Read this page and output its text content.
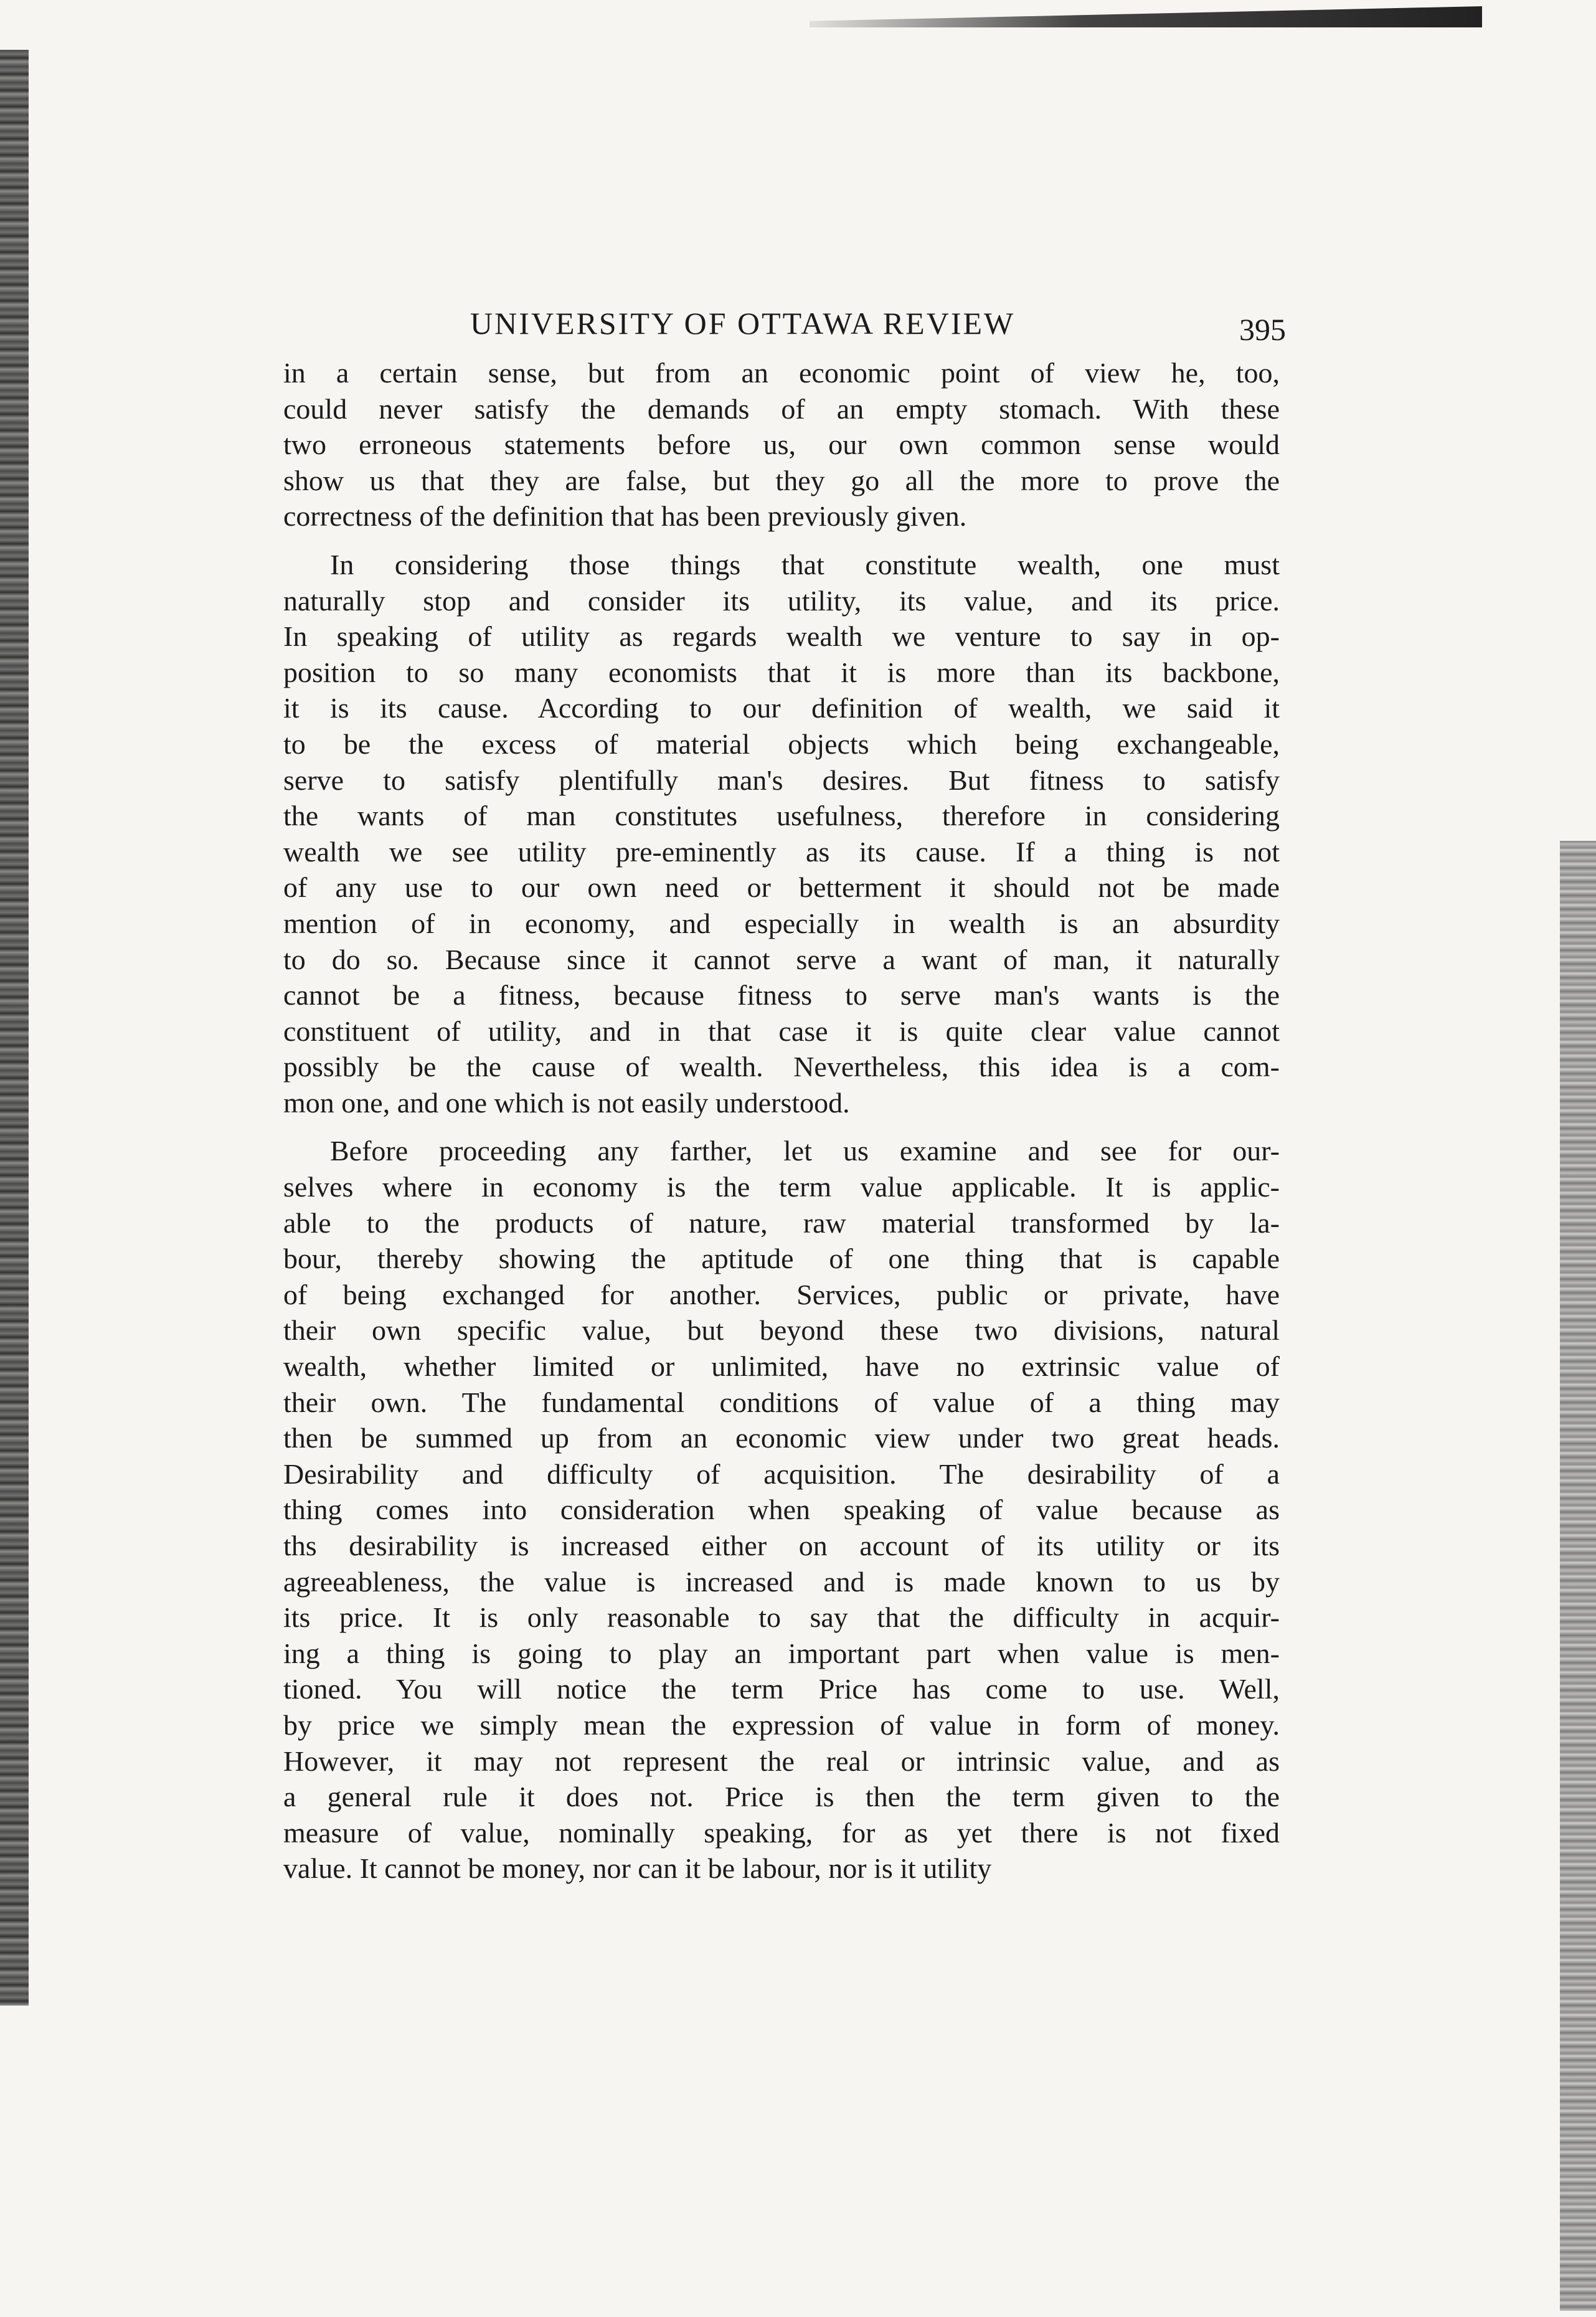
UNIVERSITY OF OTTAWA REVIEW	395

in a certain sense, but from an economic point of view he, too,
could never satisfy the demands of an empty stomach. With these
two erroneous statements before us, our own common sense would
show us that they are false, but they go all the more to prove the
correctness of the definition that has been previously given.

In considering those things that constitute wealth, one must
naturally stop and consider its utility, its value, and its price.
In speaking of utility as regards wealth we venture to say in op-
position to so many economists that it is more than its backbone,
it is its cause. According to our definition of wealth, we said it
to be the excess of material objects which being exchangeable,
serve to satisfy plentifully man's desires. But fitness to satisfy
the wants of man constitutes usefulness, therefore in considering
wealth we see utility pre-eminently as its cause. If a thing is not
of any use to our own need or betterment it should not be made
mention of in economy, and especially in wealth is an absurdity
to do so. Because since it cannot serve a want of man, it naturally
cannot be a fitness, because fitness to serve man's wants is the
constituent of utility, and in that case it is quite clear value cannot
possibly be the cause of wealth. Nevertheless, this idea is a com-
mon one, and one which is not easily understood.

Before proceeding any farther, let us examine and see for our-
selves where in economy is the term value applicable. It is applic-
able to the products of nature, raw material transformed by la-
bour, thereby showing the aptitude of one thing that is capable
of being exchanged for another. Services, public or private, have
their own specific value, but beyond these two divisions, natural
wealth, whether limited or unlimited, have no extrinsic value of
their own. The fundamental conditions of value of a thing may
then be summed up from an economic view under two great heads.
Desirability and difficulty of acquisition. The desirability of a
thing comes into consideration when speaking of value because as
ths desirability is increased either on account of its utility or its
agreeableness, the value is increased and is made known to us by
its price. It is only reasonable to say that the difficulty in acquir-
ing a thing is going to play an important part when value is men-
tioned. You will notice the term Price has come to use. Well,
by price we simply mean the expression of value in form of money.
However, it may not represent the real or intrinsic value, and as
a general rule it does not. Price is then the term given to the
measure of value, nominally speaking, for as yet there is not fixed
value. It cannot be money, nor can it be labour, nor is it utility
